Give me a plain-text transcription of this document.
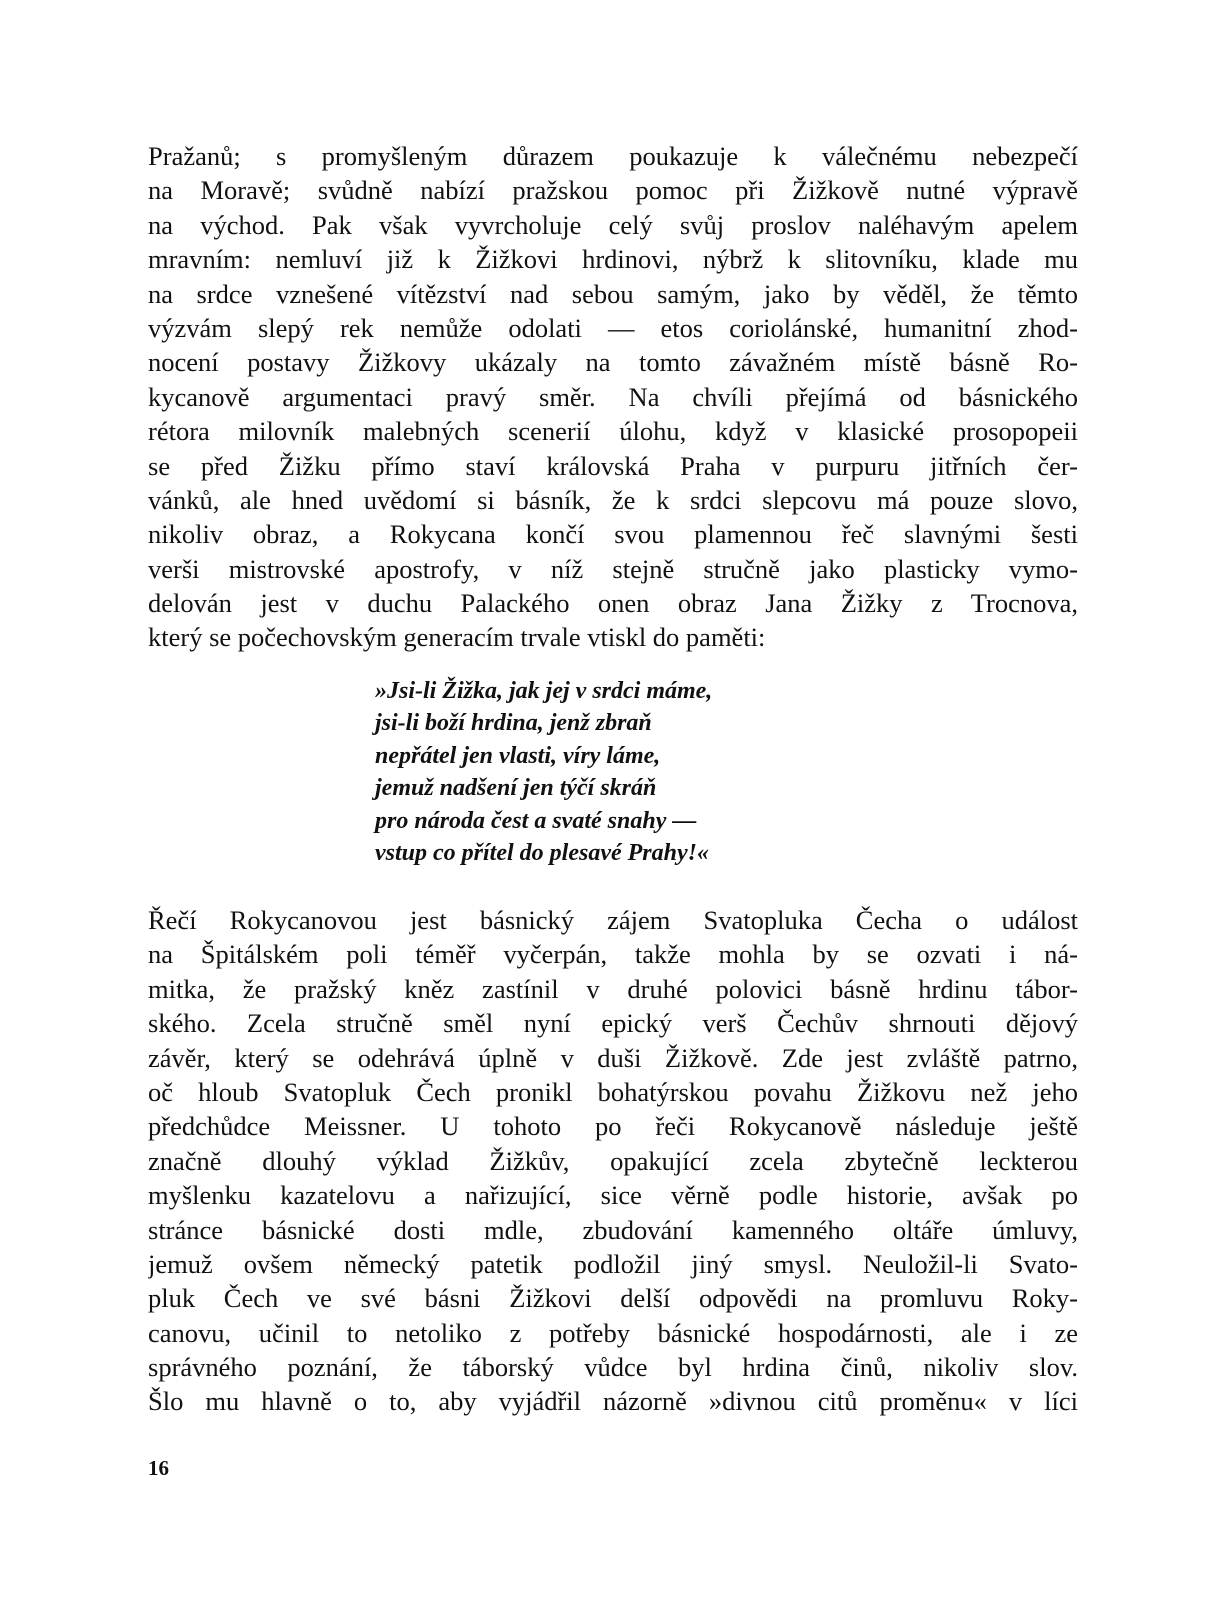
Pražanů; s promyšleným důrazem poukazuje k válečnému nebezpečí
na Moravě; svůdně nabízí pražskou pomoc při Žižkově nutné výpravě
na východ. Pak však vyvrcholuje celý svůj proslov naléhavým apelem
mravním: nemluví již k Žižkovi hrdinovi, nýbrž k slitovníku, klade mu
na srdce vznešené vítězství nad sebou samým, jako by věděl, že těmto
výzvám slepý rek nemůže odolati — etos coriolánské, humanitní zhod-
nocení postavy Žižkovy ukázaly na tomto závažném místě básně Ro-
kycanově argumentaci pravý směr. Na chvíli přejímá od básnického
rétora milovník malebných scenerií úlohu, když v klasické prosopopeii
se před Žižku přímo staví královská Praha v purpuru jitřních čer-
vánků, ale hned uvědomí si básník, že k srdci slepcovu má pouze slovo,
nikoliv obraz, a Rokycana končí svou plamennou řeč slavnými šesti
verši mistrovské apostrofy, v níž stejně stručně jako plasticky vymo-
delován jest v duchu Palackého onen obraz Jana Žižky z Trocnova,
který se počechovským generacím trvale vtiskl do paměti:
»Jsi-li Žižka, jak jej v srdci máme,
jsi-li boží hrdina, jenž zbraň
nepřátel jen vlasti, víry láme,
jemuž nadšení jen týčí skráň
pro národa čest a svaté snahy —
vstup co přítel do plesavé Prahy!«
Řečí Rokycanovou jest básnický zájem Svatopluka Čecha o událost
na Špitálském poli téměř vyčerpán, takže mohla by se ozvati i ná-
mitka, že pražský kněz zastínil v druhé polovici básně hrdinu tábor-
ského. Zcela stručně směl nyní epický verš Čechův shrnouti dějový
závěr, který se odehrává úplně v duši Žižkově. Zde jest zvláště patrno,
oč hloub Svatopluk Čech pronikl bohatýrskou povahu Žižkovu než jeho
předchůdce Meissner. U tohoto po řeči Rokycanově následuje ještě
značně dlouhý výklad Žižkův, opakující zcela zbytečně leckterou
myšlenku kazatelovu a nařizující, sice věrně podle historie, avšak po
stránce básnické dosti mdle, zbudování kamenného oltáře úmluvy,
jemuž ovšem německý patetik podložil jiný smysl. Neuložil-li Svato-
pluk Čech ve své básni Žižkovi delší odpovědi na promluvu Roky-
canovu, učinil to netoliko z potřeby básnické hospodárnosti, ale i ze
správného poznání, že táborský vůdce byl hrdina činů, nikoliv slov.
Šlo mu hlavně o to, aby vyjádřil názorně »divnou citů proměnu« v líci
16
